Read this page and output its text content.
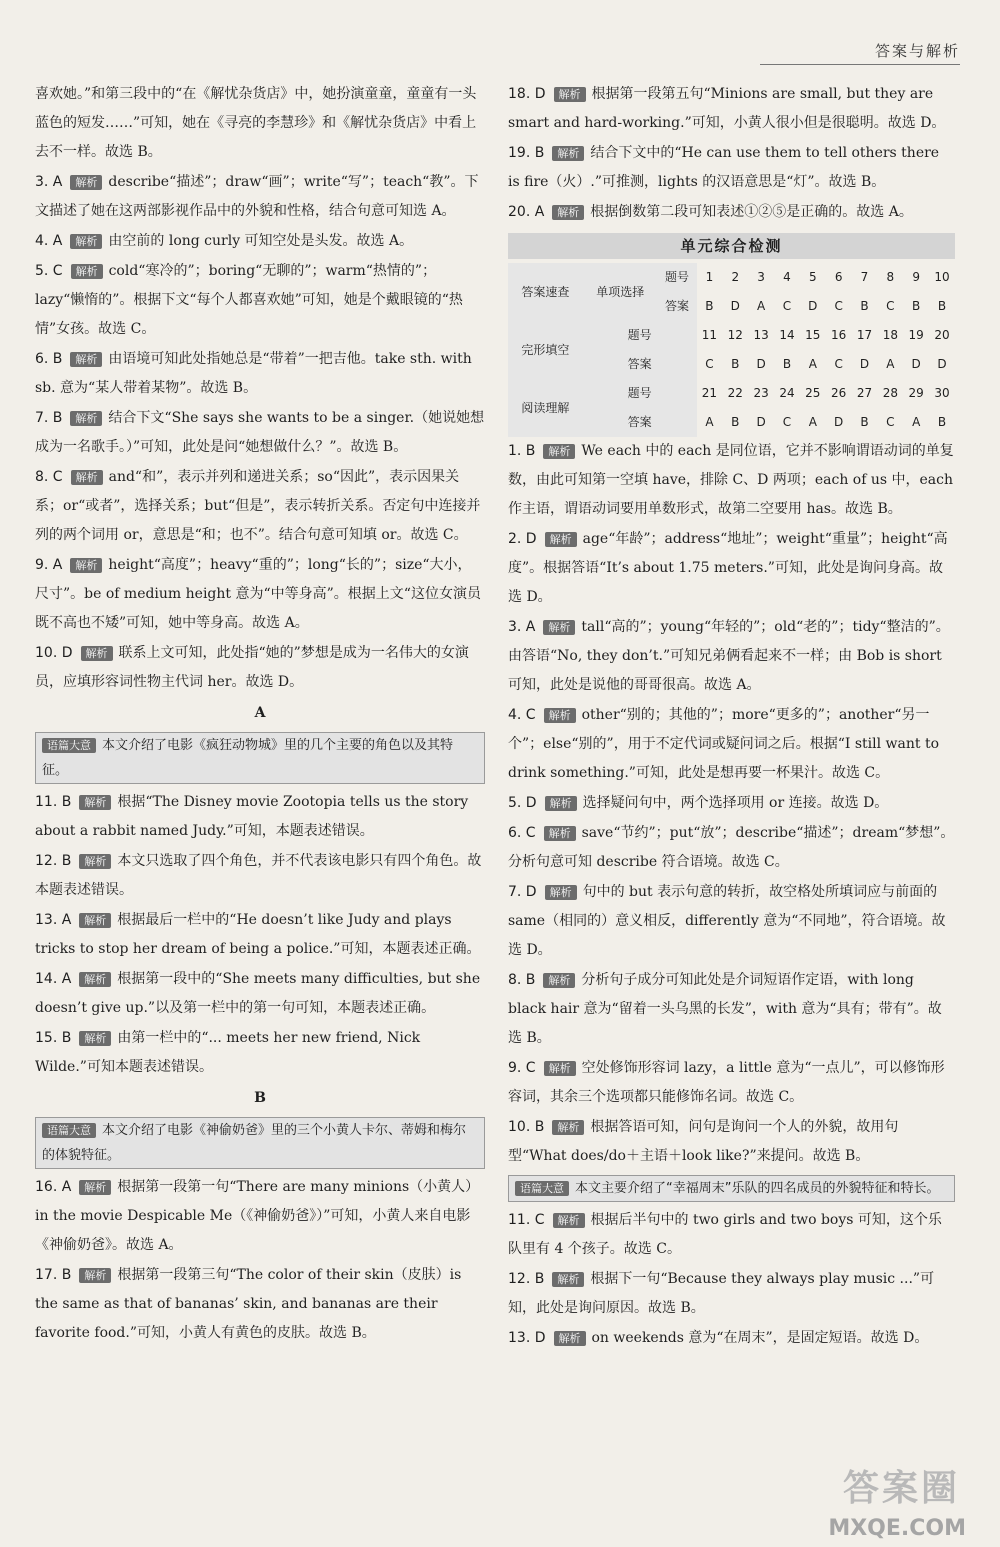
答案与解析
喜欢她。”和第三段中的“在《解忧杂货店》中，她扮演童童，童童有一头蓝色的短发……”可知，她在《寻亮的李慧珍》和《解忧杂货店》中看上去不一样。故选 B。
3. A 解析 describe“描述”；draw“画”；write“写”；teach“教”。下文描述了她在这两部影视作品中的外貌和性格，结合句意可知选 A。
4. A 解析 由空前的 long curly 可知空处是头发。故选 A。
5. C 解析 cold“寒冷的”；boring“无聊的”；warm“热情的”；lazy“懒惰的”。根据下文“每个人都喜欢她”可知，她是个戴眼镜的“热情”女孩。故选 C。
6. B 解析 由语境可知此处指她总是“带着”一把吉他。take sth. with sb. 意为“某人带着某物”。故选 B。
7. B 解析 结合下文“She says she wants to be a singer.（她说她想成为一名歌手。）”可知，此处是问“她想做什么？”。故选 B。
8. C 解析 and“和”，表示并列和递进关系；so“因此”，表示因果关系；or“或者”，选择关系；but“但是”，表示转折关系。否定句中连接并列的两个词用 or，意思是“和；也不”。结合句意可知填 or。故选 C。
9. A 解析 height“高度”；heavy“重的”；long“长的”；size“大小，尺寸”。be of medium height 意为“中等身高”。根据上文“这位女演员既不高也不矮”可知，她中等身高。故选 A。
10. D 解析 联系上文可知，此处指“她的”梦想是成为一名伟大的女演员，应填形容词性物主代词 her。故选 D。
A
语篇大意 本文介绍了电影《疯狂动物城》里的几个主要的角色以及其特征。
11. B 解析 根据“The Disney movie Zootopia tells us the story about a rabbit named Judy.”可知，本题表述错误。
12. B 解析 本文只选取了四个角色，并不代表该电影只有四个角色。故本题表述错误。
13. A 解析 根据最后一栏中的“He doesn’t like Judy and plays tricks to stop her dream of being a police.”可知，本题表述正确。
14. A 解析 根据第一段中的“She meets many difficulties, but she doesn’t give up.”以及第一栏中的第一句可知，本题表述正确。
15. B 解析 由第一栏中的“... meets her new friend, Nick Wilde.”可知本题表述错误。
B
语篇大意 本文介绍了电影《神偷奶爸》里的三个小黄人卡尔、蒂姆和梅尔的体貌特征。
16. A 解析 根据第一段第一句“There are many minions（小黄人）in the movie Despicable Me（《神偷奶爸》）”可知，小黄人来自电影《神偷奶爸》。故选 A。
17. B 解析 根据第一段第三句“The color of their skin（皮肤）is the same as that of bananas’ skin, and bananas are their favorite food.”可知，小黄人有黄色的皮肤。故选 B。
18. D 解析 根据第一段第五句“Minions are small, but they are smart and hard-working.”可知，小黄人很小但是很聪明。故选 D。
19. B 解析 结合下文中的“He can use them to tell others there is fire（火）.”可推测，lights 的汉语意思是“灯”。故选 B。
20. A 解析 根据倒数第二段可知表述①②⑤是正确的。故选 A。
单元综合检测
答案速查	单项选择	题号	1	2	3	4	5	6	7	8	9	10
		答案	B	D	A	C	D	C	B	C	B	B
完形填空	题号		11	12	13	14	15	16	17	18	19	20
	答案		C	B	D	B	A	C	D	A	D	D
阅读理解	题号		21	22	23	24	25	26	27	28	29	30
	答案		A	B	D	C	A	D	B	C	A	B
1. B 解析 We each 中的 each 是同位语，它并不影响谓语动词的单复数，由此可知第一空填 have，排除 C、D 两项；each of us 中，each 作主语，谓语动词要用单数形式，故第二空要用 has。故选 B。
2. D 解析 age“年龄”；address“地址”；weight“重量”；height“高度”。根据答语“It’s about 1.75 meters.”可知，此处是询问身高。故选 D。
3. A 解析 tall“高的”；young“年轻的”；old“老的”；tidy“整洁的”。由答语“No, they don’t.”可知兄弟俩看起来不一样；由 Bob is short 可知，此处是说他的哥哥很高。故选 A。
4. C 解析 other“别的；其他的”；more“更多的”；another“另一个”；else“别的”，用于不定代词或疑问词之后。根据“I still want to drink something.”可知，此处是想再要一杯果汁。故选 C。
5. D 解析 选择疑问句中，两个选择项用 or 连接。故选 D。
6. C 解析 save“节约”；put“放”；describe“描述”；dream“梦想”。分析句意可知 describe 符合语境。故选 C。
7. D 解析 句中的 but 表示句意的转折，故空格处所填词应与前面的 same（相同的）意义相反，differently 意为“不同地”，符合语境。故选 D。
8. B 解析 分析句子成分可知此处是介词短语作定语，with long black hair 意为“留着一头乌黑的长发”，with 意为“具有；带有”。故选 B。
9. C 解析 空处修饰形容词 lazy，a little 意为“一点儿”，可以修饰形容词，其余三个选项都只能修饰名词。故选 C。
10. B 解析 根据答语可知，问句是询问一个人的外貌，故用句型“What does/do＋主语＋look like?”来提问。故选 B。
语篇大意 本文主要介绍了“幸福周末”乐队的四名成员的外貌特征和特长。
11. C 解析 根据后半句中的 two girls and two boys 可知，这个乐队里有 4 个孩子。故选 C。
12. B 解析 根据下一句“Because they always play music ...”可知，此处是询问原因。故选 B。
13. D 解析 on weekends 意为“在周末”，是固定短语。故选 D。
答案圈
MXQE.COM
